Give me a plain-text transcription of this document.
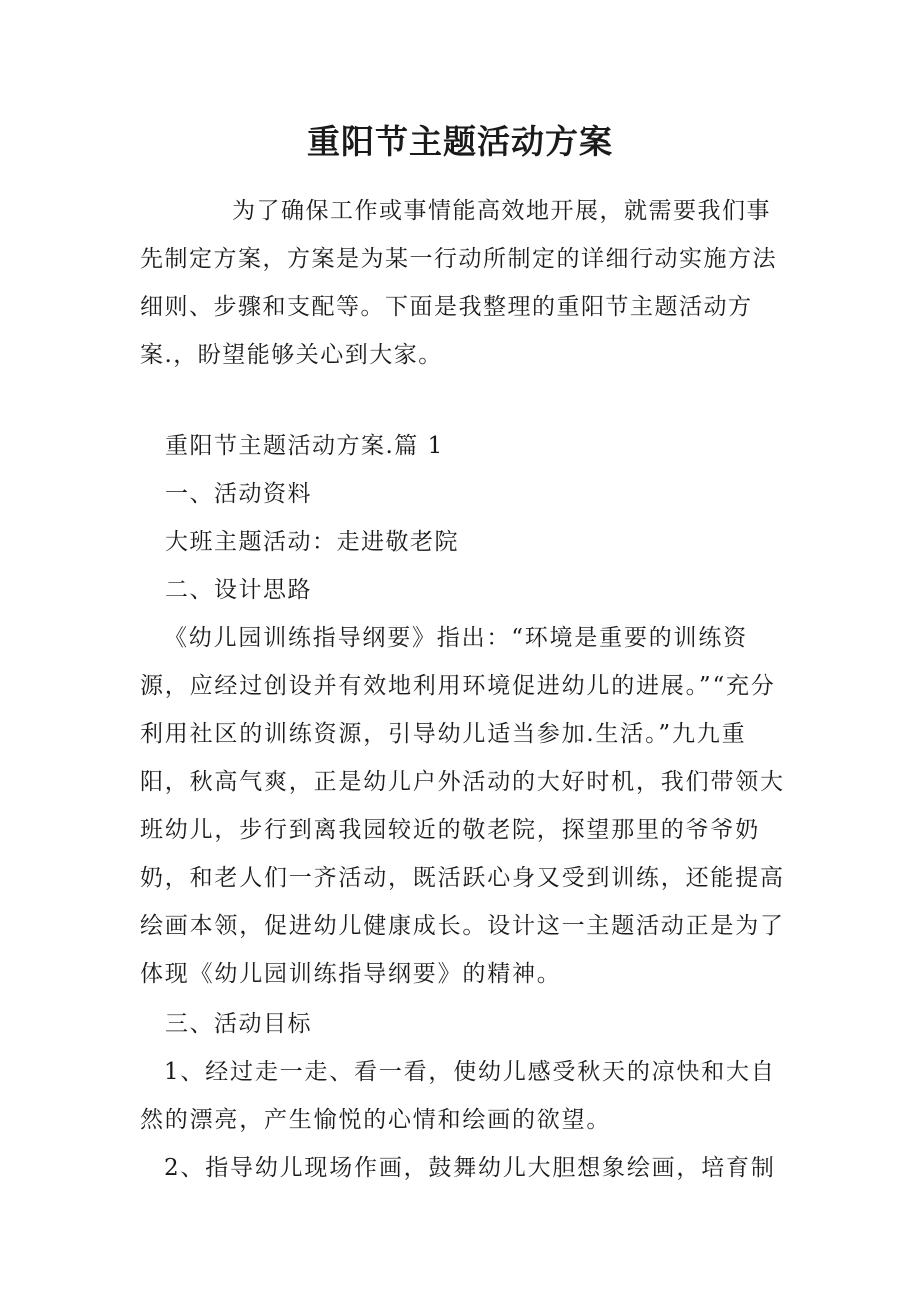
重阳节主题活动方案

为了确保工作或事情能高效地开展，就需要我们事先制定方案，方案是为某一行动所制定的详细行动实施方法细则、步骤和支配等。下面是我整理的重阳节主题活动方案.，盼望能够关心到大家。

重阳节主题活动方案.篇 1

一、活动资料

大班主题活动：走进敬老院

二、设计思路

《幼儿园训练指导纲要》指出：“环境是重要的训练资源，应经过创设并有效地利用环境促进幼儿的进展。”“充分利用社区的训练资源，引导幼儿适当参加.生活。”九九重阳，秋高气爽，正是幼儿户外活动的大好时机，我们带领大班幼儿，步行到离我园较近的敬老院，探望那里的爷爷奶奶，和老人们一齐活动，既活跃心身又受到训练，还能提高绘画本领，促进幼儿健康成长。设计这一主题活动正是为了体现《幼儿园训练指导纲要》的精神。

三、活动目标

1、经过走一走、看一看，使幼儿感受秋天的凉快和大自然的漂亮，产生愉悦的心情和绘画的欲望。

2、指导幼儿现场作画，鼓舞幼儿大胆想象绘画，培育制
